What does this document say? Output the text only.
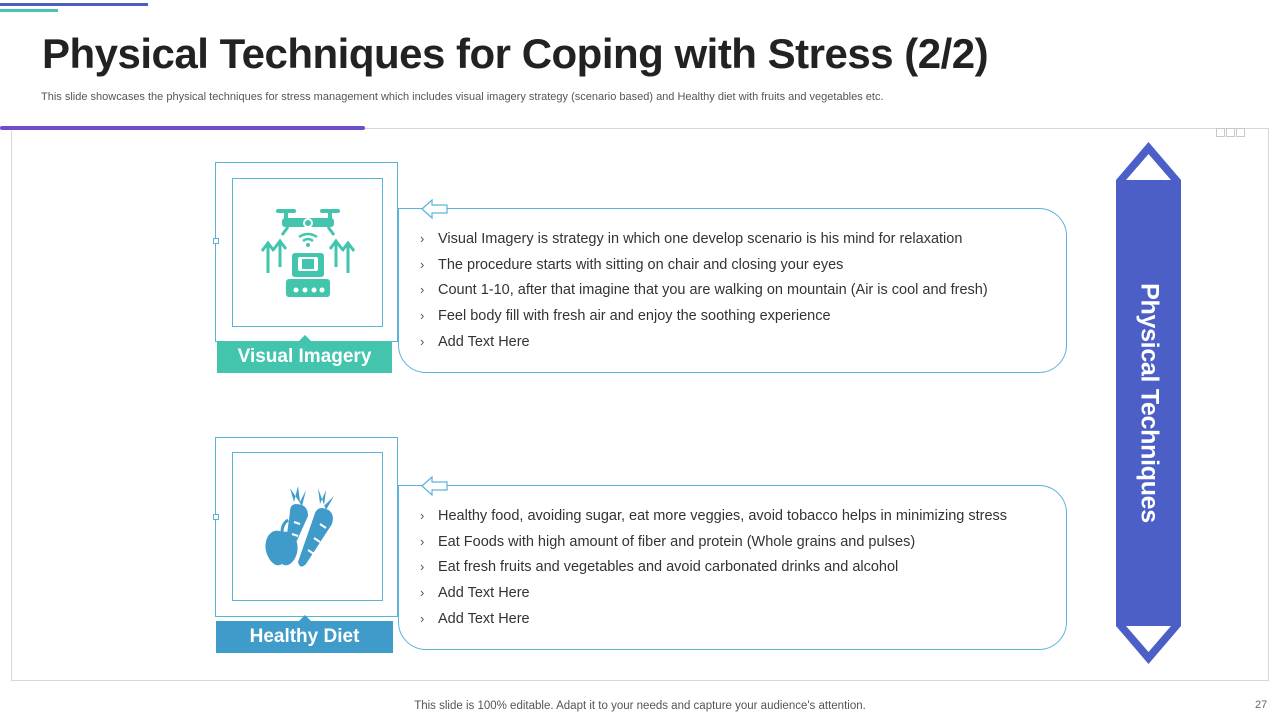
Physical Techniques for Coping with Stress (2/2)
This slide showcases the physical techniques for stress management which includes visual imagery strategy (scenario based) and Healthy diet with fruits and vegetables etc.
Visual Imagery
› Visual Imagery is strategy in which one develop scenario is his mind for relaxation
› The procedure starts with sitting on chair and closing your eyes
› Count 1-10, after that imagine that you are walking on mountain (Air is cool and fresh)
› Feel body fill with fresh air and enjoy the soothing experience
› Add Text Here
Healthy Diet
› Healthy food, avoiding sugar, eat more veggies, avoid tobacco helps in minimizing stress
› Eat Foods with high amount of fiber and protein (Whole grains and pulses)
› Eat fresh fruits and vegetables and avoid carbonated drinks and alcohol
› Add Text Here
› Add Text Here
Physical Techniques
This slide is 100% editable. Adapt it to your needs and capture your audience's attention.	27
